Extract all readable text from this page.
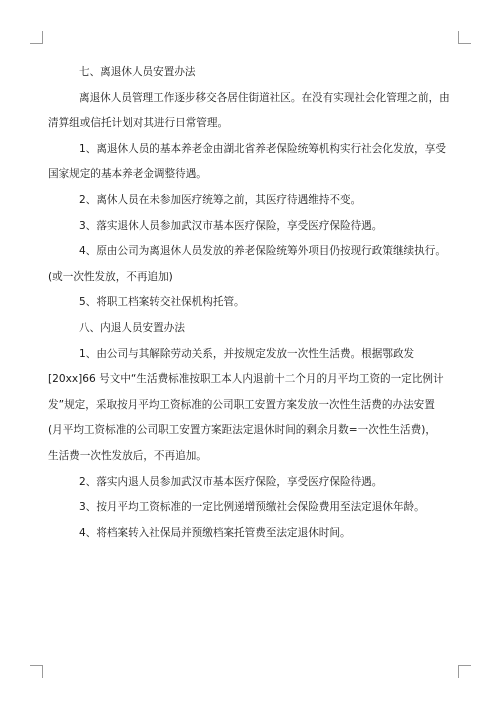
七、离退休人员安置办法

离退休人员管理工作逐步移交各居住街道社区。在没有实现社会化管理之前，由

清算组或信托计划对其进行日常管理。

1、离退休人员的基本养老金由湖北省养老保险统筹机构实行社会化发放，享受

国家规定的基本养老金调整待遇。

2、离休人员在未参加医疗统筹之前，其医疗待遇维持不变。

3、落实退休人员参加武汉市基本医疗保险，享受医疗保险待遇。

4、原由公司为离退休人员发放的养老保险统筹外项目仍按现行政策继续执行。

(或一次性发放，不再追加)

5、将职工档案转交社保机构托管。

八、内退人员安置办法

1、由公司与其解除劳动关系，并按规定发放一次性生活费。根据鄂政发

[20xx]66 号文中“生活费标准按职工本人内退前十二个月的月平均工资的一定比例计

发”规定，采取按月平均工资标准的公司职工安置方案发放一次性生活费的办法安置

(月平均工资标准的公司职工安置方案距法定退休时间的剩余月数=一次性生活费)，

生活费一次性发放后，不再追加。

2、落实内退人员参加武汉市基本医疗保险，享受医疗保险待遇。

3、按月平均工资标准的一定比例递增预缴社会保险费用至法定退休年龄。

4、将档案转入社保局并预缴档案托管费至法定退休时间。
